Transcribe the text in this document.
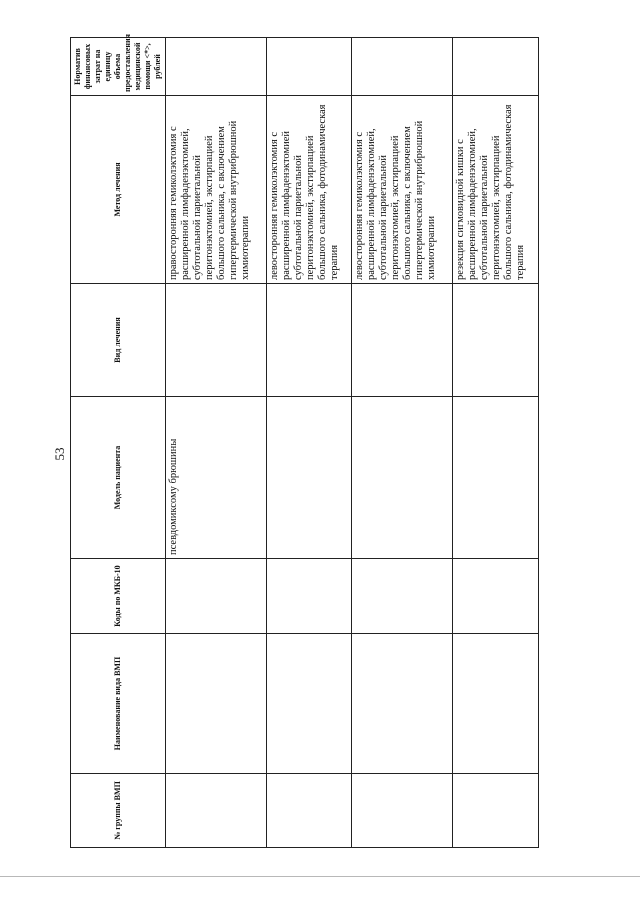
53
№ группы ВМП	Наименование вида ВМП	Коды по МКБ-10	Модель пациента	Вид лечения	Метод лечения	Норматив финансовых затрат на единицу объема предоставления медицинской помощи <*>, рублей
			псевдомиксому брюшины		правосторонняя гемиколэктомия с расширенной лимфаденэктомией, субтотальной париетальной перитонэктомией, экстирпацией большого сальника, с включением гипертермической внутрибрюшной химиотерапии	
					левосторонняя гемиколэктомия с расширенной лимфаденэктомией субтотальной париетальной перитонэктомией, экстирпацией большого сальника, фотодинамическая терапия	
					левосторонняя гемиколэктомия с расширенной лимфаденэктомией, субтотальной париетальной перитонэктомией, экстирпацией большого сальника, с включением гипертермической внутрибрюшной химиотерапии	
					резекция сигмовидной кишки с расширенной лимфаденэктомией, субтотальной париетальной перитонэктомией, экстирпацией большого сальника, фотодинамическая терапия	
